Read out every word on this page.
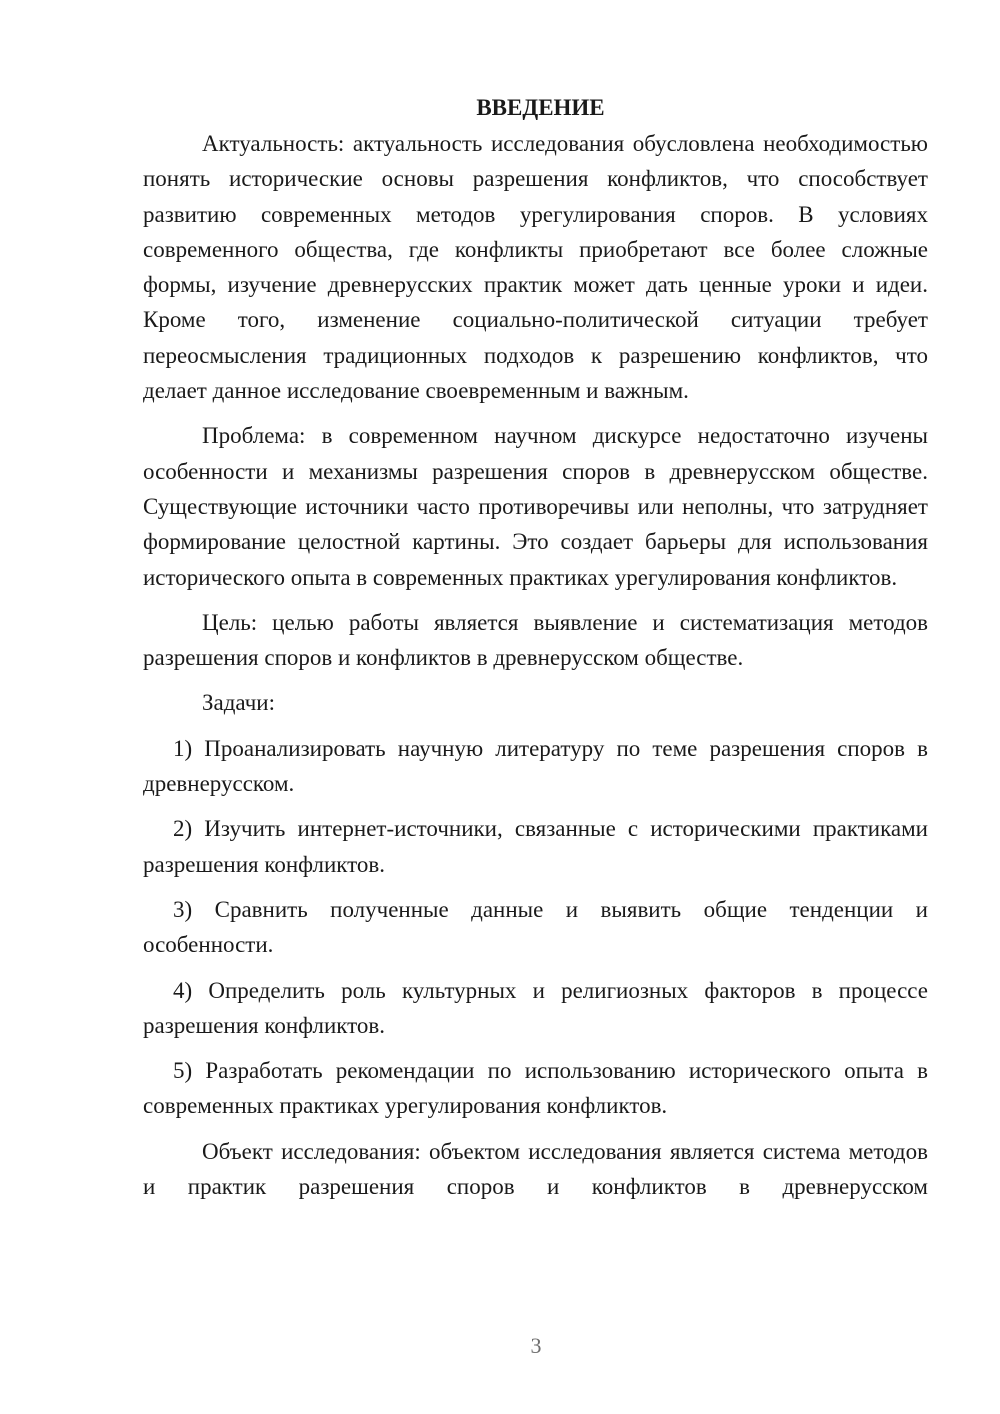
ВВЕДЕНИЕ

Актуальность: актуальность исследования обусловлена необходимостью понять исторические основы разрешения конфликтов, что способствует развитию современных методов урегулирования споров. В условиях современного общества, где конфликты приобретают все более сложные формы, изучение древнерусских практик может дать ценные уроки и идеи. Кроме того, изменение социально-политической ситуации требует переосмысления традиционных подходов к разрешению конфликтов, что делает данное исследование своевременным и важным.

Проблема: в современном научном дискурсе недостаточно изучены особенности и механизмы разрешения споров в древнерусском обществе. Существующие источники часто противоречивы или неполны, что затрудняет формирование целостной картины. Это создает барьеры для использования исторического опыта в современных практиках урегулирования конфликтов.

Цель: целью работы является выявление и систематизация методов разрешения споров и конфликтов в древнерусском обществе.

Задачи:

1) Проанализировать научную литературу по теме разрешения споров в древнерусском.

2) Изучить интернет-источники, связанные с историческими практиками разрешения конфликтов.

3) Сравнить полученные данные и выявить общие тенденции и особенности.

4) Определить роль культурных и религиозных факторов в процессе разрешения конфликтов.

5) Разработать рекомендации по использованию исторического опыта в современных практиках урегулирования конфликтов.

Объект исследования: объектом исследования является система методов и практик разрешения споров и конфликтов в древнерусском

3
